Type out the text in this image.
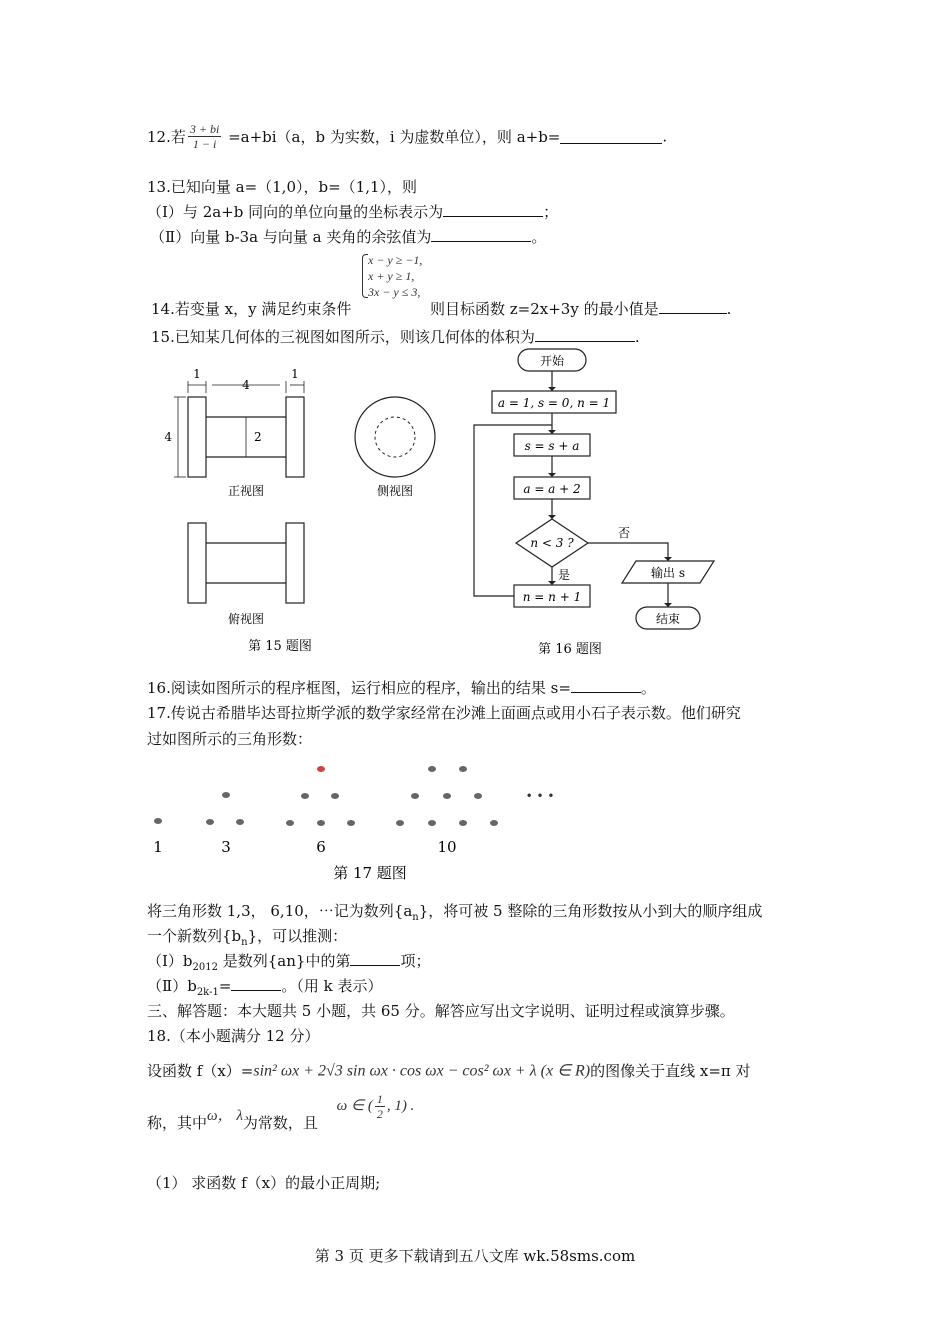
12.若 $\frac{3 + bi}{1 - i} =a+bi(a$，b 为实数，i 为虚数单位），则 a+b=	.
13.已知向量 a=（1,0），b=（1,1），则
（Ⅰ）与 2a+b 同向的单位向量的坐标表示为	；
（Ⅱ）向量 b-3a 与向量 a 夹角的余弦值为	。
x − y ≥ −1,
x + y ≥ 1,
3x − y ≤ 3,
14.若变量 x，y 满足约束条件	则目标函数 z=2x+3y 的最小值是	.
15.已知某几何体的三视图如图所示，则该几何体的体积为	.
1
4
1
4	2
正视图	侧视图
俯视图
第 15 题图
开始
a = 1, s = 0, n = 1
s = s + a
a = a + 2
n < 3 ?
否
是
n = n + 1
输出 s
结束
第 16 题图
16.阅读如图所示的程序框图，运行相应的程序，输出的结果 s=	。
17.传说古希腊毕达哥拉斯学派的数学家经常在沙滩上面画点或用小石子表示数。他们研究
过如图所示的三角形数：
• • •
1	3	6	10
第 17 题图
将三角形数 1,3， 6,10，⋯记为数列$\{a_n\}$，将可被 5 整除的三角形数按从小到大的顺序组成
一个新数列$\{b_n\}$，可以推测：
$(Ⅰ)b_{2012}$ 是数列{an}中的第	项；
$(Ⅱ)b_{2k-1}=$	。（用 k 表示）
三、解答题：本大题共 5 小题，共 65 分。解答应写出文字说明、证明过程或演算步骤。
18.（本小题满分 12 分）
设函数 f（x）=sin² ωx + 2√3 sin ωx · cos ωx − cos² ωx + λ (x ∈ R)的图像关于直线 x=π 对
称，其中ω， λ为常数，且 ω ∈ ( $\frac{1}{2}$ , 1) .
（1） 求函数 f（x）的最小正周期;
第 3 页 更多下载请到五八文库 wk.58sms.com
